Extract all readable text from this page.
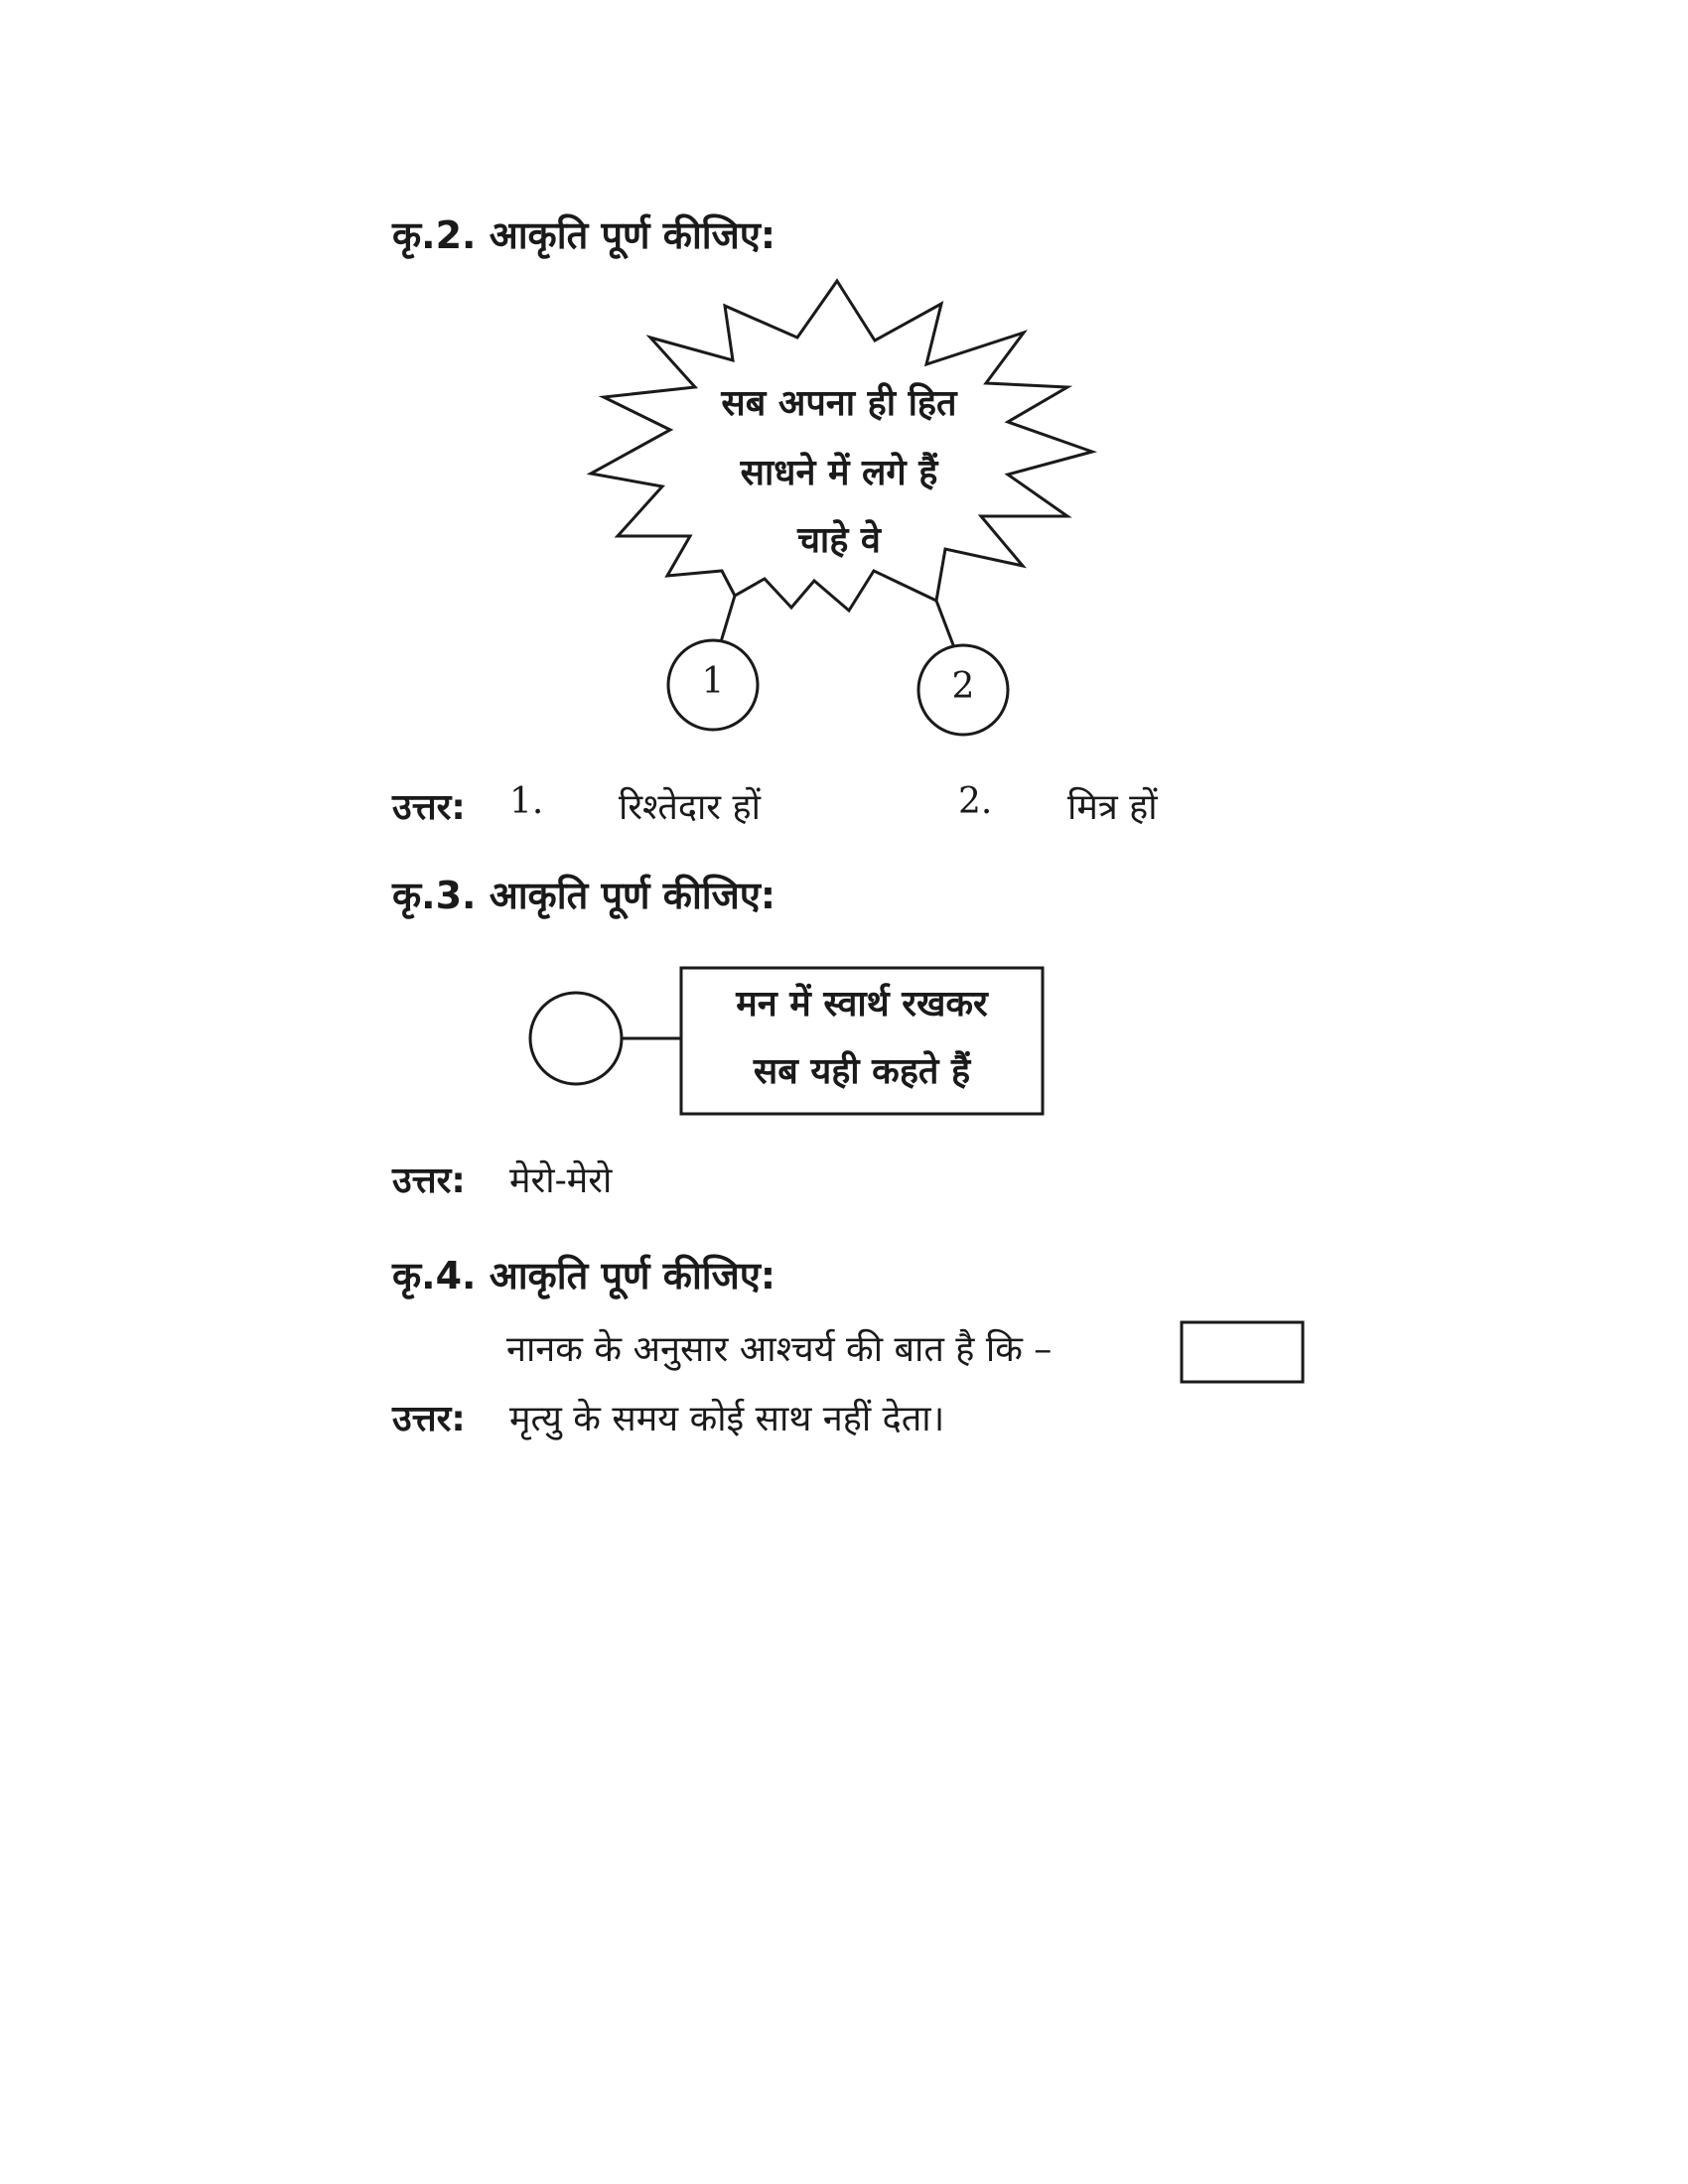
कृ.2. आकृति पूर्ण कीजिए:
सब अपना ही हित
साधने में लगे हैं
चाहे वे
1	2
उत्तर: 1. रिश्तेदार हों	2. मित्र हों
कृ.3. आकृति पूर्ण कीजिए:
मन में स्वार्थ रखकर
सब यही कहते हैं
उत्तर: मेरो-मेरो
कृ.4. आकृति पूर्ण कीजिए:
नानक के अनुसार आश्चर्य की बात है कि –
उत्तर: मृत्यु के समय कोई साथ नहीं देता।
